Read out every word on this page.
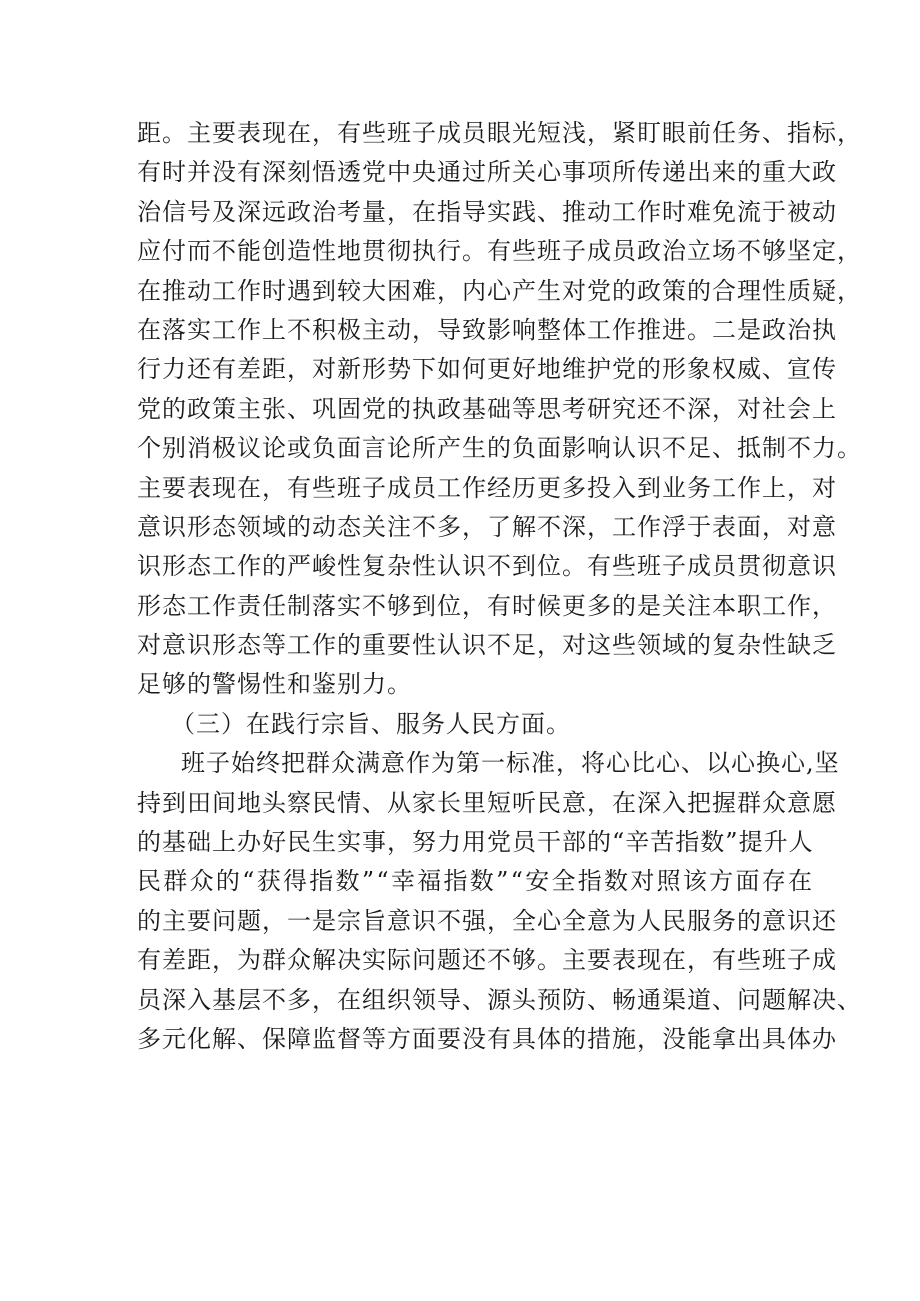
距 。 主 要 表 现 在 ， 有 些 班 子 成 员 眼 光 短 浅 ， 紧 盯 眼 前 任 务 、 指 标 ，
有 时 并 没 有 深 刻 悟 透 党 中 央 通 过 所 关 心 事 项 所 传 递 出 来 的 重 大 政
治 信 号 及 深 远 政 治 考 量 ， 在 指 导 实 践 、 推 动 工 作 时 难 免 流 于 被 动
应 付 而 不 能 创 造 性 地 贯 彻 执 行 。 有 些 班 子 成 员 政 治 立 场 不 够 坚 定 ，
在 推 动 工 作 时 遇 到 较 大 困 难 ， 内 心 产 生 对 党 的 政 策 的 合 理 性 质 疑 ，
在 落 实 工 作 上 不 积 极 主 动 ， 导 致 影 响 整 体 工 作 推 进 。 二 是 政 治 执
行 力 还 有 差 距 ， 对 新 形 势 下 如 何 更 好 地 维 护 党 的 形 象 权 威 、 宣 传
党 的 政 策 主 张 、 巩 固 党 的 执 政 基 础 等 思 考 研 究 还 不 深 ， 对 社 会 上
个 别 消 极 议 论 或 负 面 言 论 所 产 生 的 负 面 影 响 认 识 不 足 、 抵 制 不 力 。
主 要 表 现 在 ， 有 些 班 子 成 员 工 作 经 历 更 多 投 入 到 业 务 工 作 上 ， 对
意 识 形 态 领 域 的 动 态 关 注 不 多 ， 了 解 不 深 ， 工 作 浮 于 表 面 ， 对 意
识 形 态 工 作 的 严 峻 性 复 杂 性 认 识 不 到 位 。 有 些 班 子 成 员 贯 彻 意 识
形 态 工 作 责 任 制 落 实 不 够 到 位 ， 有 时 候 更 多 的 是 关 注 本 职 工 作 ，
对 意 识 形 态 等 工 作 的 重 要 性 认 识 不 足 ， 对 这 些 领 域 的 复 杂 性 缺 乏
足够的警惕性和鉴别力。
（三）在践行宗旨、服务人民方面。
班 子 始 终 把 群 众 满 意 作 为 第 一 标 准 ， 将 心 比 心 、 以 心 换 心 , 坚
持 到 田 间 地 头 察 民 情 、 从 家 长 里 短 听 民 意 ， 在 深 入 把 握 群 众 意 愿
的 基 础 上 办 好 民 生 实 事 ， 努 力 用 党 员 干 部 的 “ 辛 苦 指 数 ” 提 升 人
民 群 众 的 “ 获 得 指 数 ” “ 幸 福 指 数 ” “ 安 全 指 数 对 照 该 方 面 存 在
的 主 要 问 题 ， 一 是 宗 旨 意 识 不 强 ， 全 心 全 意 为 人 民 服 务 的 意 识 还
有 差 距 ， 为 群 众 解 决 实 际 问 题 还 不 够 。 主 要 表 现 在 ， 有 些 班 子 成
员 深 入 基 层 不 多 ， 在 组 织 领 导 、 源 头 预 防 、 畅 通 渠 道 、 问 题 解 决 、
多 元 化 解 、 保 障 监 督 等 方 面 要 没 有 具 体 的 措 施 ， 没 能 拿 出 具 体 办
